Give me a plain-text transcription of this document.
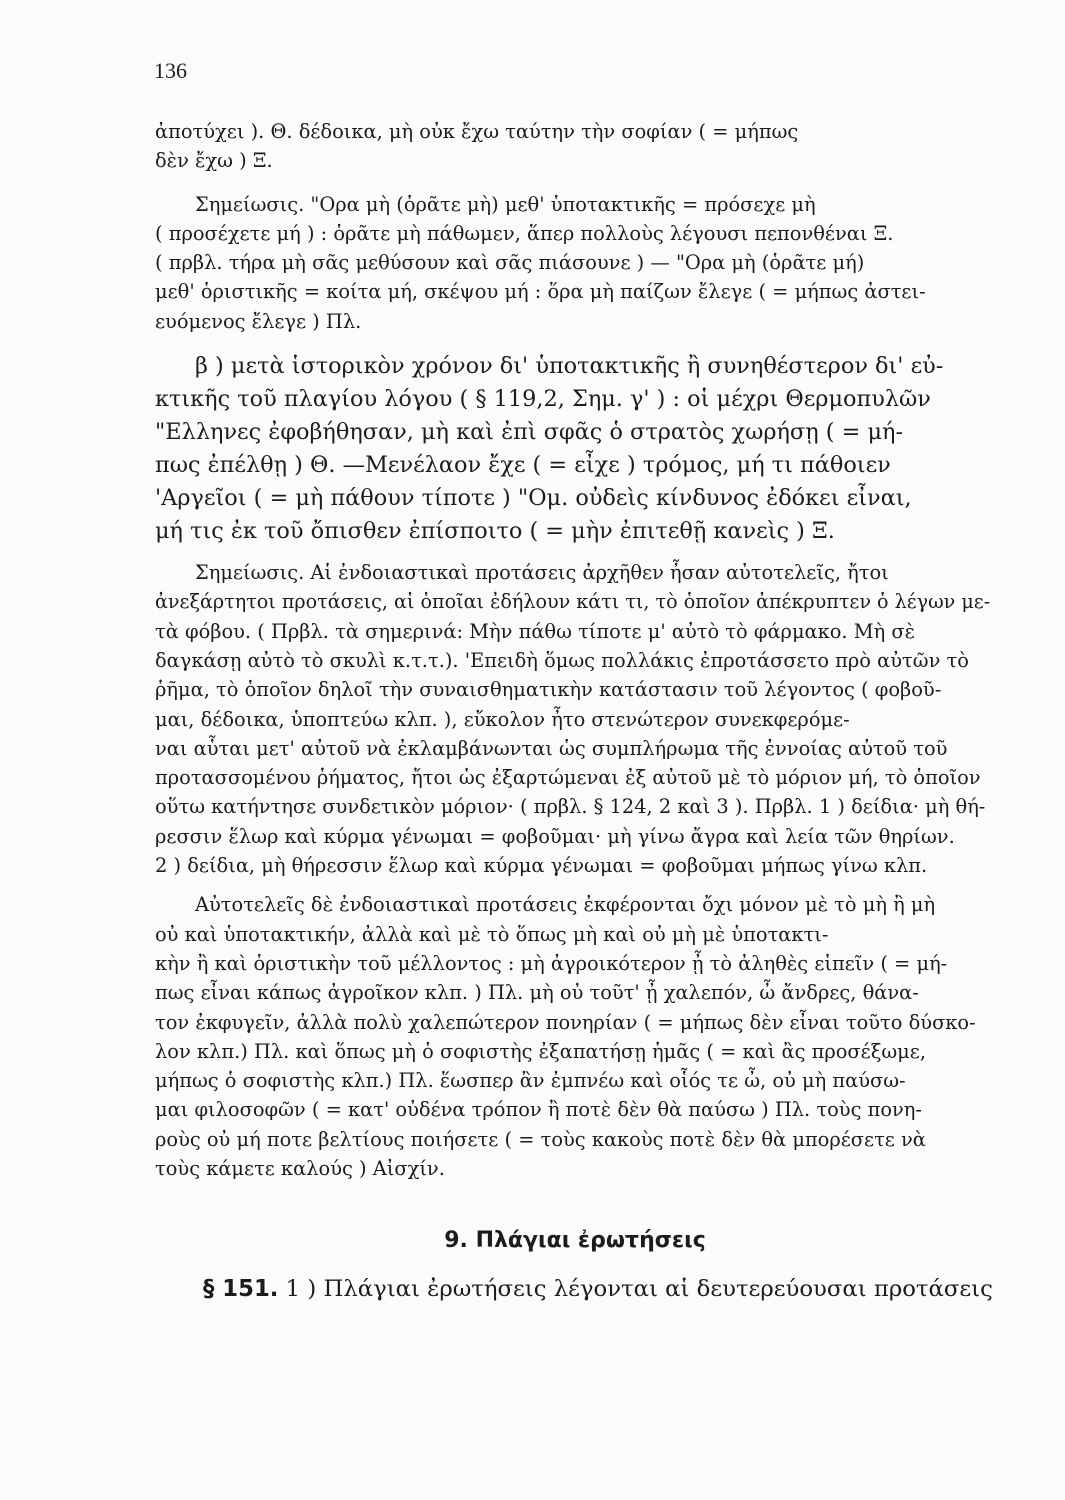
136
ἀποτύχει ). Θ. δέδοικα, μὴ οὐκ ἔχω ταύτην τὴν σοφίαν ( = μήπως
δὲν ἔχω ) Ξ.
Σημείωσις. "Ορα μὴ (ὁρᾶτε μὴ) μεθ' ὑποτακτικῆς = πρόσεχε μὴ
( προσέχετε μή ) : ὁρᾶτε μὴ πάθωμεν, ἅπερ πολλοὺς λέγουσι πεπονθέναι Ξ.
( πρβλ. τήρα μὴ σᾶς μεθύσουν καὶ σᾶς πιάσουνε ) — "Ορα μὴ (ὁρᾶτε μή)
μεθ' ὁριστικῆς = κοίτα μή, σκέψου μή : ὅρα μὴ παίζων ἔλεγε ( = μήπως ἀστει-
ευόμενος ἔλεγε ) Πλ.
β ) μετὰ ἱστορικὸν χρόνον δι' ὑποτακτικῆς ἢ συνηθέστερον δι' εὐ-
κτικῆς τοῦ πλαγίου λόγου ( § 119,2, Σημ. γ' ) : οἱ μέχρι Θερμοπυλῶν
"Ελληνες ἐφοβήθησαν, μὴ καὶ ἐπὶ σφᾶς ὁ στρατὸς χωρήσῃ ( = μή-
πως ἐπέλθῃ ) Θ. —Μενέλαον ἔχε ( = εἶχε ) τρόμος, μή τι πάθοιεν
'Αργεῖοι ( = μὴ πάθουν τίποτε ) "Ομ. οὐδεὶς κίνδυνος ἐδόκει εἶναι,
μή τις ἐκ τοῦ ὄπισθεν ἐπίσποιτο ( = μὴν ἐπιτεθῇ κανεὶς ) Ξ.
Σημείωσις. Αἱ ἐνδοιαστικαὶ προτάσεις ἀρχῆθεν ἦσαν αὐτοτελεῖς, ἤτοι
ἀνεξάρτητοι προτάσεις, αἱ ὁποῖαι ἐδήλουν κάτι τι, τὸ ὁποῖον ἀπέκρυπτεν ὁ λέγων με-
τὰ φόβου. ( Πρβλ. τὰ σημερινά: Μὴν πάθω τίποτε μ' αὐτὸ τὸ φάρμακο. Μὴ σὲ
δαγκάσῃ αὐτὸ τὸ σκυλὶ κ.τ.τ.). 'Επειδὴ ὅμως πολλάκις ἐπροτάσσετο πρὸ αὐτῶν τὸ
ῥῆμα, τὸ ὁποῖον δηλοῖ τὴν συναισθηματικὴν κατάστασιν τοῦ λέγοντος ( φοβοῦ-
μαι, δέδοικα, ὑποπτεύω κλπ. ), εὔκολον ἦτο στενώτερον συνεκφερόμε-
ναι αὗται μετ' αὐτοῦ νὰ ἐκλαμβάνωνται ὡς συμπλήρωμα τῆς ἐννοίας αὐτοῦ τοῦ
προτασσομένου ῥήματος, ἤτοι ὡς ἐξαρτώμεναι ἐξ αὐτοῦ μὲ τὸ μόριον μή, τὸ ὁποῖον
οὕτω κατήντησε συνδετικὸν μόριον· ( πρβλ. § 124, 2 καὶ 3 ). Πρβλ. 1 ) δείδια· μὴ θή-
ρεσσιν ἕλωρ καὶ κύρμα γένωμαι = φοβοῦμαι· μὴ γίνω ἄγρα καὶ λεία τῶν θηρίων.
2 ) δείδια, μὴ θήρεσσιν ἕλωρ καὶ κύρμα γένωμαι = φοβοῦμαι μήπως γίνω κλπ.
Αὐτοτελεῖς δὲ ἐνδοιαστικαὶ προτάσεις ἐκφέρονται ὄχι μόνον μὲ τὸ μὴ ἢ μὴ
οὐ καὶ ὑποτακτικήν, ἀλλὰ καὶ μὲ τὸ ὅπως μὴ καὶ οὐ μὴ μὲ ὑποτακτι-
κὴν ἢ καὶ ὁριστικὴν τοῦ μέλλοντος : μὴ ἀγροικότερον ᾖ τὸ ἀληθὲς εἰπεῖν ( = μή-
πως εἶναι κάπως ἀγροῖκον κλπ. ) Πλ. μὴ οὐ τοῦτ' ᾖ χαλεπόν, ὦ ἄνδρες, θάνα-
τον ἐκφυγεῖν, ἀλλὰ πολὺ χαλεπώτερον πονηρίαν ( = μήπως δὲν εἶναι τοῦτο δύσκο-
λον κλπ.) Πλ. καὶ ὅπως μὴ ὁ σοφιστὴς ἐξαπατήσῃ ἡμᾶς ( = καὶ ἂς προσέξωμε,
μήπως ὁ σοφιστὴς κλπ.) Πλ. ἕωσπερ ἂν ἐμπνέω καὶ οἷός τε ὦ, οὐ μὴ παύσω-
μαι φιλοσοφῶν ( = κατ' οὐδένα τρόπον ἢ ποτὲ δὲν θὰ παύσω ) Πλ. τοὺς πονη-
ροὺς οὐ μή ποτε βελτίους ποιήσετε ( = τοὺς κακοὺς ποτὲ δὲν θὰ μπορέσετε νὰ
τοὺς κάμετε καλούς ) Αἰσχίν.
9. Πλάγιαι ἐρωτήσεις
§ 151. 1 ) Πλάγιαι ἐρωτήσεις λέγονται αἱ δευτερεύουσαι προτάσεις
